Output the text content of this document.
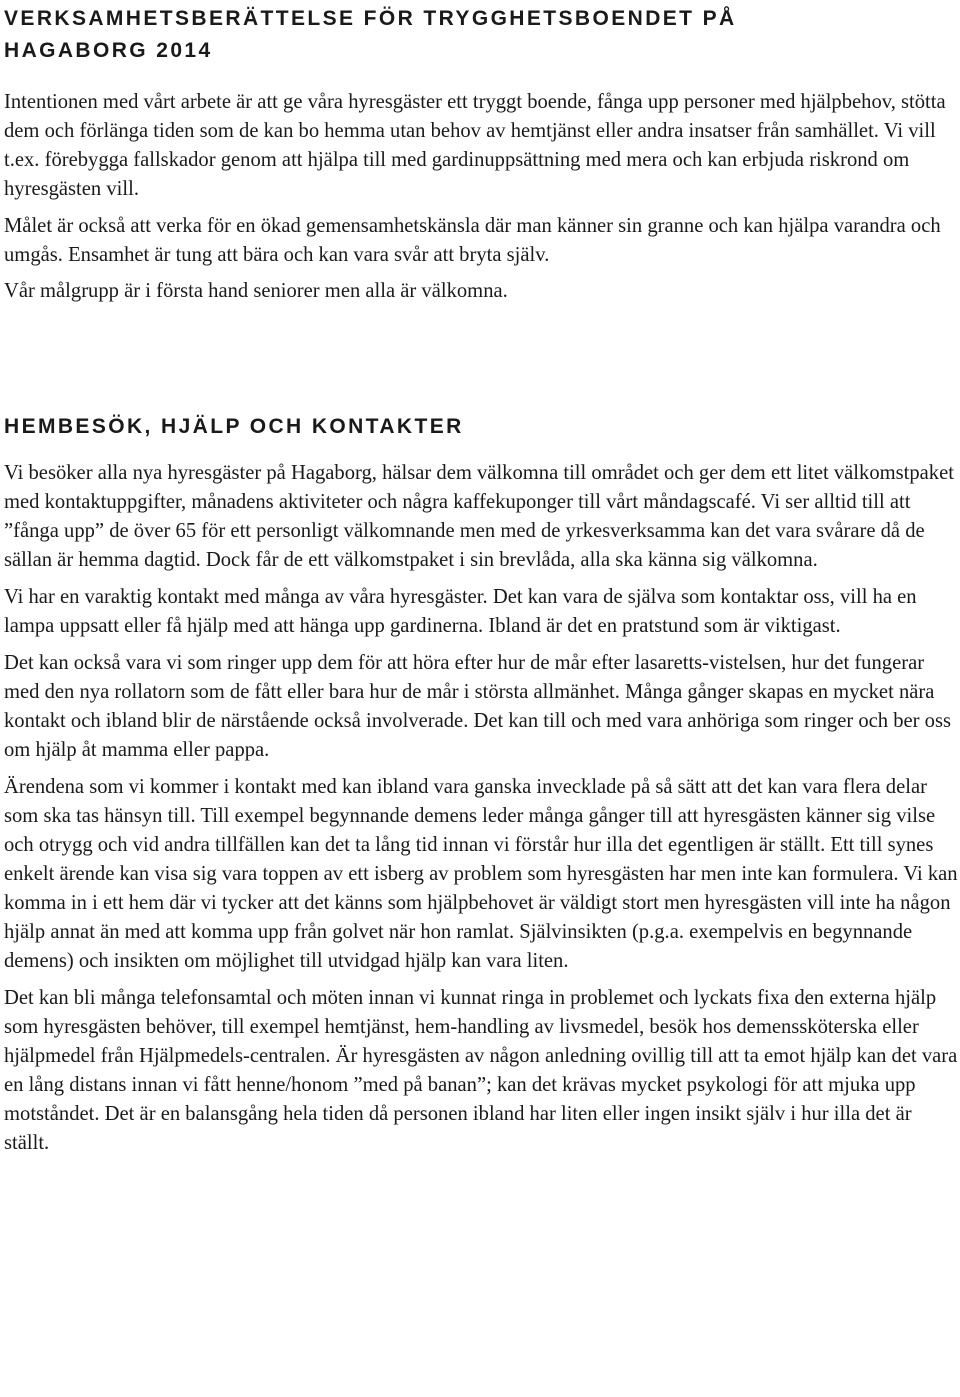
VERKSAMHETSBERÄTTELSE FÖR TRYGGHETSBOENDET PÅ
HAGABORG 2014

Intentionen med vårt arbete är att ge våra hyresgäster ett tryggt boende, fånga upp personer med hjälpbehov, stötta dem och förlänga tiden som de kan bo hemma utan behov av hemtjänst eller andra insatser från samhället. Vi vill t.ex. förebygga fallskador genom att hjälpa till med gardinuppsättning med mera och kan erbjuda riskrond om hyresgästen vill.

Målet är också att verka för en ökad gemensamhetskänsla där man känner sin granne och kan hjälpa varandra och umgås. Ensamhet är tung att bära och kan vara svår att bryta själv.

Vår målgrupp är i första hand seniorer men alla är välkomna.

HEMBESÖK, HJÄLP OCH KONTAKTER

Vi besöker alla nya hyresgäster på Hagaborg, hälsar dem välkomna till området och ger dem ett litet välkomstpaket med kontaktuppgifter, månadens aktiviteter och några kaffekuponger till vårt måndagscafé. Vi ser alltid till att ”fånga upp” de över 65 för ett personligt välkomnande men med de yrkesverksamma kan det vara svårare då de sällan är hemma dagtid. Dock får de ett välkomstpaket i sin brevlåda, alla ska känna sig välkomna.

Vi har en varaktig kontakt med många av våra hyresgäster. Det kan vara de själva som kontaktar oss, vill ha en lampa uppsatt eller få hjälp med att hänga upp gardinerna. Ibland är det en pratstund som är viktigast.

Det kan också vara vi som ringer upp dem för att höra efter hur de mår efter lasaretts-vistelsen, hur det fungerar med den nya rollatorn som de fått eller bara hur de mår i största allmänhet. Många gånger skapas en mycket nära kontakt och ibland blir de närstående också involverade. Det kan till och med vara anhöriga som ringer och ber oss om hjälp åt mamma eller pappa.

Ärendena som vi kommer i kontakt med kan ibland vara ganska invecklade på så sätt att det kan vara flera delar som ska tas hänsyn till. Till exempel begynnande demens leder många gånger till att hyresgästen känner sig vilse och otrygg och vid andra tillfällen kan det ta lång tid innan vi förstår hur illa det egentligen är ställt. Ett till synes enkelt ärende kan visa sig vara toppen av ett isberg av problem som hyresgästen har men inte kan formulera. Vi kan komma in i ett hem där vi tycker att det känns som hjälpbehovet är väldigt stort men hyresgästen vill inte ha någon hjälp annat än med att komma upp från golvet när hon ramlat. Självinsikten (p.g.a. exempelvis en begynnande demens) och insikten om möjlighet till utvidgad hjälp kan vara liten.

Det kan bli många telefonsamtal och möten innan vi kunnat ringa in problemet och lyckats fixa den externa hjälp som hyresgästen behöver, till exempel hemtjänst, hem-handling av livsmedel, besök hos demenssköterska eller hjälpmedel från Hjälpmedels-centralen. Är hyresgästen av någon anledning ovillig till att ta emot hjälp kan det vara en lång distans innan vi fått henne/honom ”med på banan”; kan det krävas mycket psykologi för att mjuka upp motståndet. Det är en balansgång hela tiden då personen ibland har liten eller ingen insikt själv i hur illa det är ställt.
